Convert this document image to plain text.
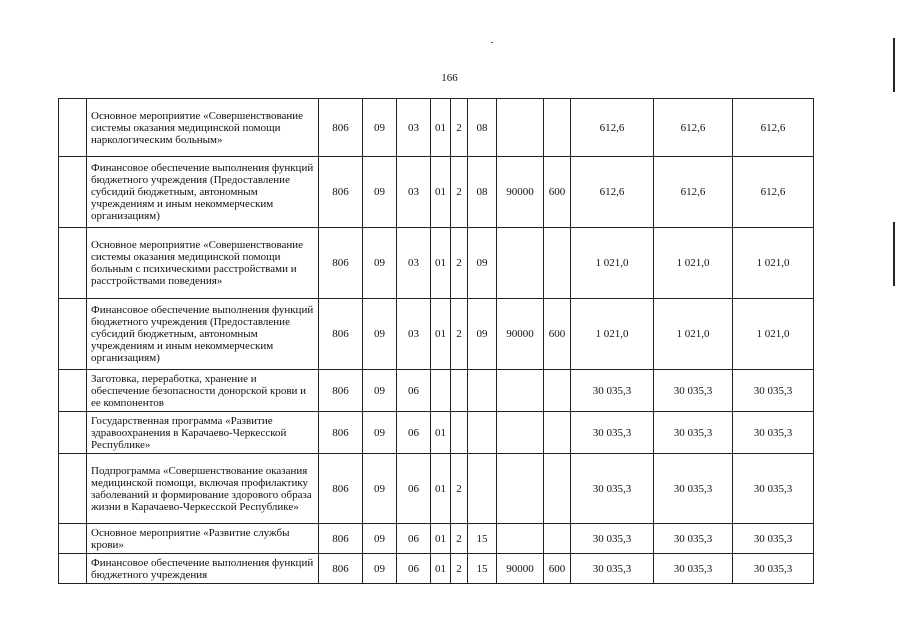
166
	Основное мероприятие «Совершенствование системы оказания медицинской помощи наркологическим больным»	806	09	03	01	2	08			612,6	612,6	612,6
	Финансовое обеспечение выполнения функций бюджетного учреждения (Предоставление субсидий бюджетным, автономным учреждениям и иным некоммерческим организациям)	806	09	03	01	2	08	90000	600	612,6	612,6	612,6
	Основное мероприятие «Совершенствование системы оказания медицинской помощи больным с психическими расстройствами и расстройствами поведения»	806	09	03	01	2	09			1 021,0	1 021,0	1 021,0
	Финансовое обеспечение выполнения функций бюджетного учреждения (Предоставление субсидий бюджетным, автономным учреждениям и иным некоммерческим организациям)	806	09	03	01	2	09	90000	600	1 021,0	1 021,0	1 021,0
	Заготовка, переработка, хранение и обеспечение безопасности донорской крови и ее компонентов	806	09	06						30 035,3	30 035,3	30 035,3
	Государственная программа «Развитие здравоохранения в Карачаево-Черкесской Республике»	806	09	06	01					30 035,3	30 035,3	30 035,3
	Подпрограмма «Совершенствование оказания медицинской помощи, включая профилактику заболеваний и формирование здорового образа жизни в Карачаево-Черкесской Республике»	806	09	06	01	2				30 035,3	30 035,3	30 035,3
	Основное мероприятие «Развитие службы крови»	806	09	06	01	2	15			30 035,3	30 035,3	30 035,3
	Финансовое обеспечение выполнения функций бюджетного учреждения	806	09	06	01	2	15	90000	600	30 035,3	30 035,3	30 035,3
